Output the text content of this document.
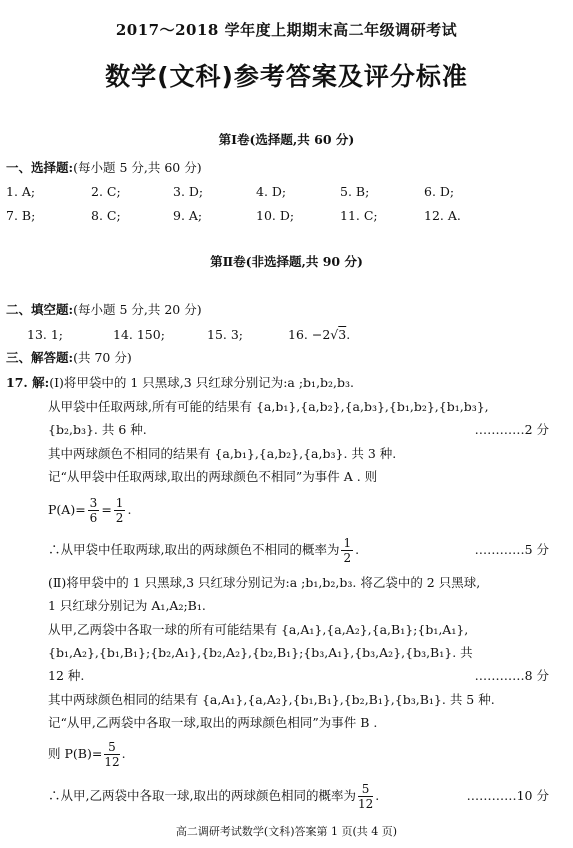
2017～2018 学年度上期期末高二年级调研考试
数学(文科)参考答案及评分标准
第Ⅰ卷(选择题,共 60 分)
一、选择题:(每小题 5 分,共 60 分)
1. A;	2. C;	3. D;	4. D;	5. B;	6. D;
7. B;	8. C;	9. A;	10. D;	11. C;	12. A.
第Ⅱ卷(非选择题,共 90 分)
二、填空题:(每小题 5 分,共 20 分)
13. 1;	14. 150;	15. 3;	16. −2√3.
三、解答题:(共 70 分)
17. 解:(Ⅰ)将甲袋中的 1 只黑球,3 只红球分别记为:a ;b₁,b₂,b₃.
从甲袋中任取两球,所有可能的结果有 {a,b₁},{a,b₂},{a,b₃},{b₁,b₂},{b₁,b₃},
{b₂,b₃}. 共 6 种.	…………2 分
其中两球颜色不相同的结果有 {a,b₁},{a,b₂},{a,b₃}. 共 3 种.
记“从甲袋中任取两球,取出的两球颜色不相同”为事件 A . 则
$P(A)= \frac{3}{6} = \frac{1}{2}$ .
∴从甲袋中任取两球,取出的两球颜色不相同的概率为 $\frac{1}{2}$ .	…………5 分
(Ⅱ)将甲袋中的 1 只黑球,3 只红球分别记为:a ;b₁,b₂,b₃. 将乙袋中的 2 只黑球,
1 只红球分别记为 A₁,A₂;B₁.
从甲,乙两袋中各取一球的所有可能结果有 {a,A₁},{a,A₂},{a,B₁};{b₁,A₁},
{b₁,A₂},{b₁,B₁};{b₂,A₁},{b₂,A₂},{b₂,B₁};{b₃,A₁},{b₃,A₂},{b₃,B₁}. 共
12 种.	…………8 分
其中两球颜色相同的结果有 {a,A₁},{a,A₂},{b₁,B₁},{b₂,B₁},{b₃,B₁}. 共 5 种.
记“从甲,乙两袋中各取一球,取出的两球颜色相同”为事件 B .
则 $P(B)= \frac{5}{12}$ .
∴从甲,乙两袋中各取一球,取出的两球颜色相同的概率为 $\frac{5}{12}$ .	…………10 分
高二调研考试数学(文科)答案第 1 页(共 4 页)
